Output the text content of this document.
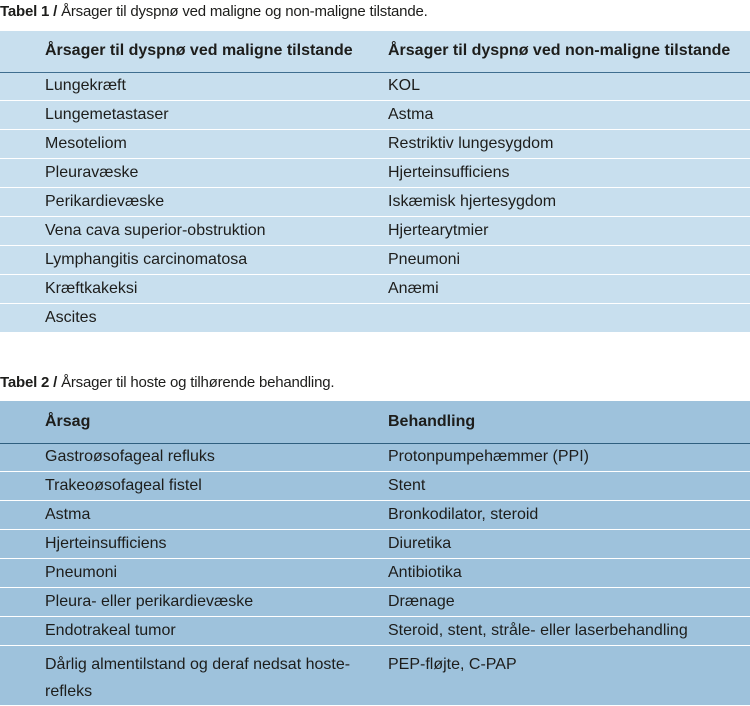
Tabel 1 / Årsager til dyspnø ved maligne og non-maligne tilstande.
Årsager til dyspnø ved maligne tilstande	Årsager til dyspnø ved non-maligne tilstande
Lungekræft	KOL
Lungemetastaser	Astma
Mesoteliom	Restriktiv lungesygdom
Pleuravæske	Hjerteinsufficiens
Perikardievæske	Iskæmisk hjertesygdom
Vena cava superior-obstruktion	Hjertearytmier
Lymphangitis carcinomatosa	Pneumoni
Kræftkakeksi	Anæmi
Ascites	
Tabel 2 / Årsager til hoste og tilhørende behandling.
Årsag	Behandling
Gastroøsofageal refluks	Protonpumpehæmmer (PPI)
Trakeoøsofageal fistel	Stent
Astma	Bronkodilator, steroid
Hjerteinsufficiens	Diuretika
Pneumoni	Antibiotika
Pleura- eller perikardievæske	Drænage
Endotrakeal tumor	Steroid, stent, stråle- eller laserbehandling
Dårlig almentilstand og deraf nedsat hoste-refleks	PEP-fløjte, C-PAP
